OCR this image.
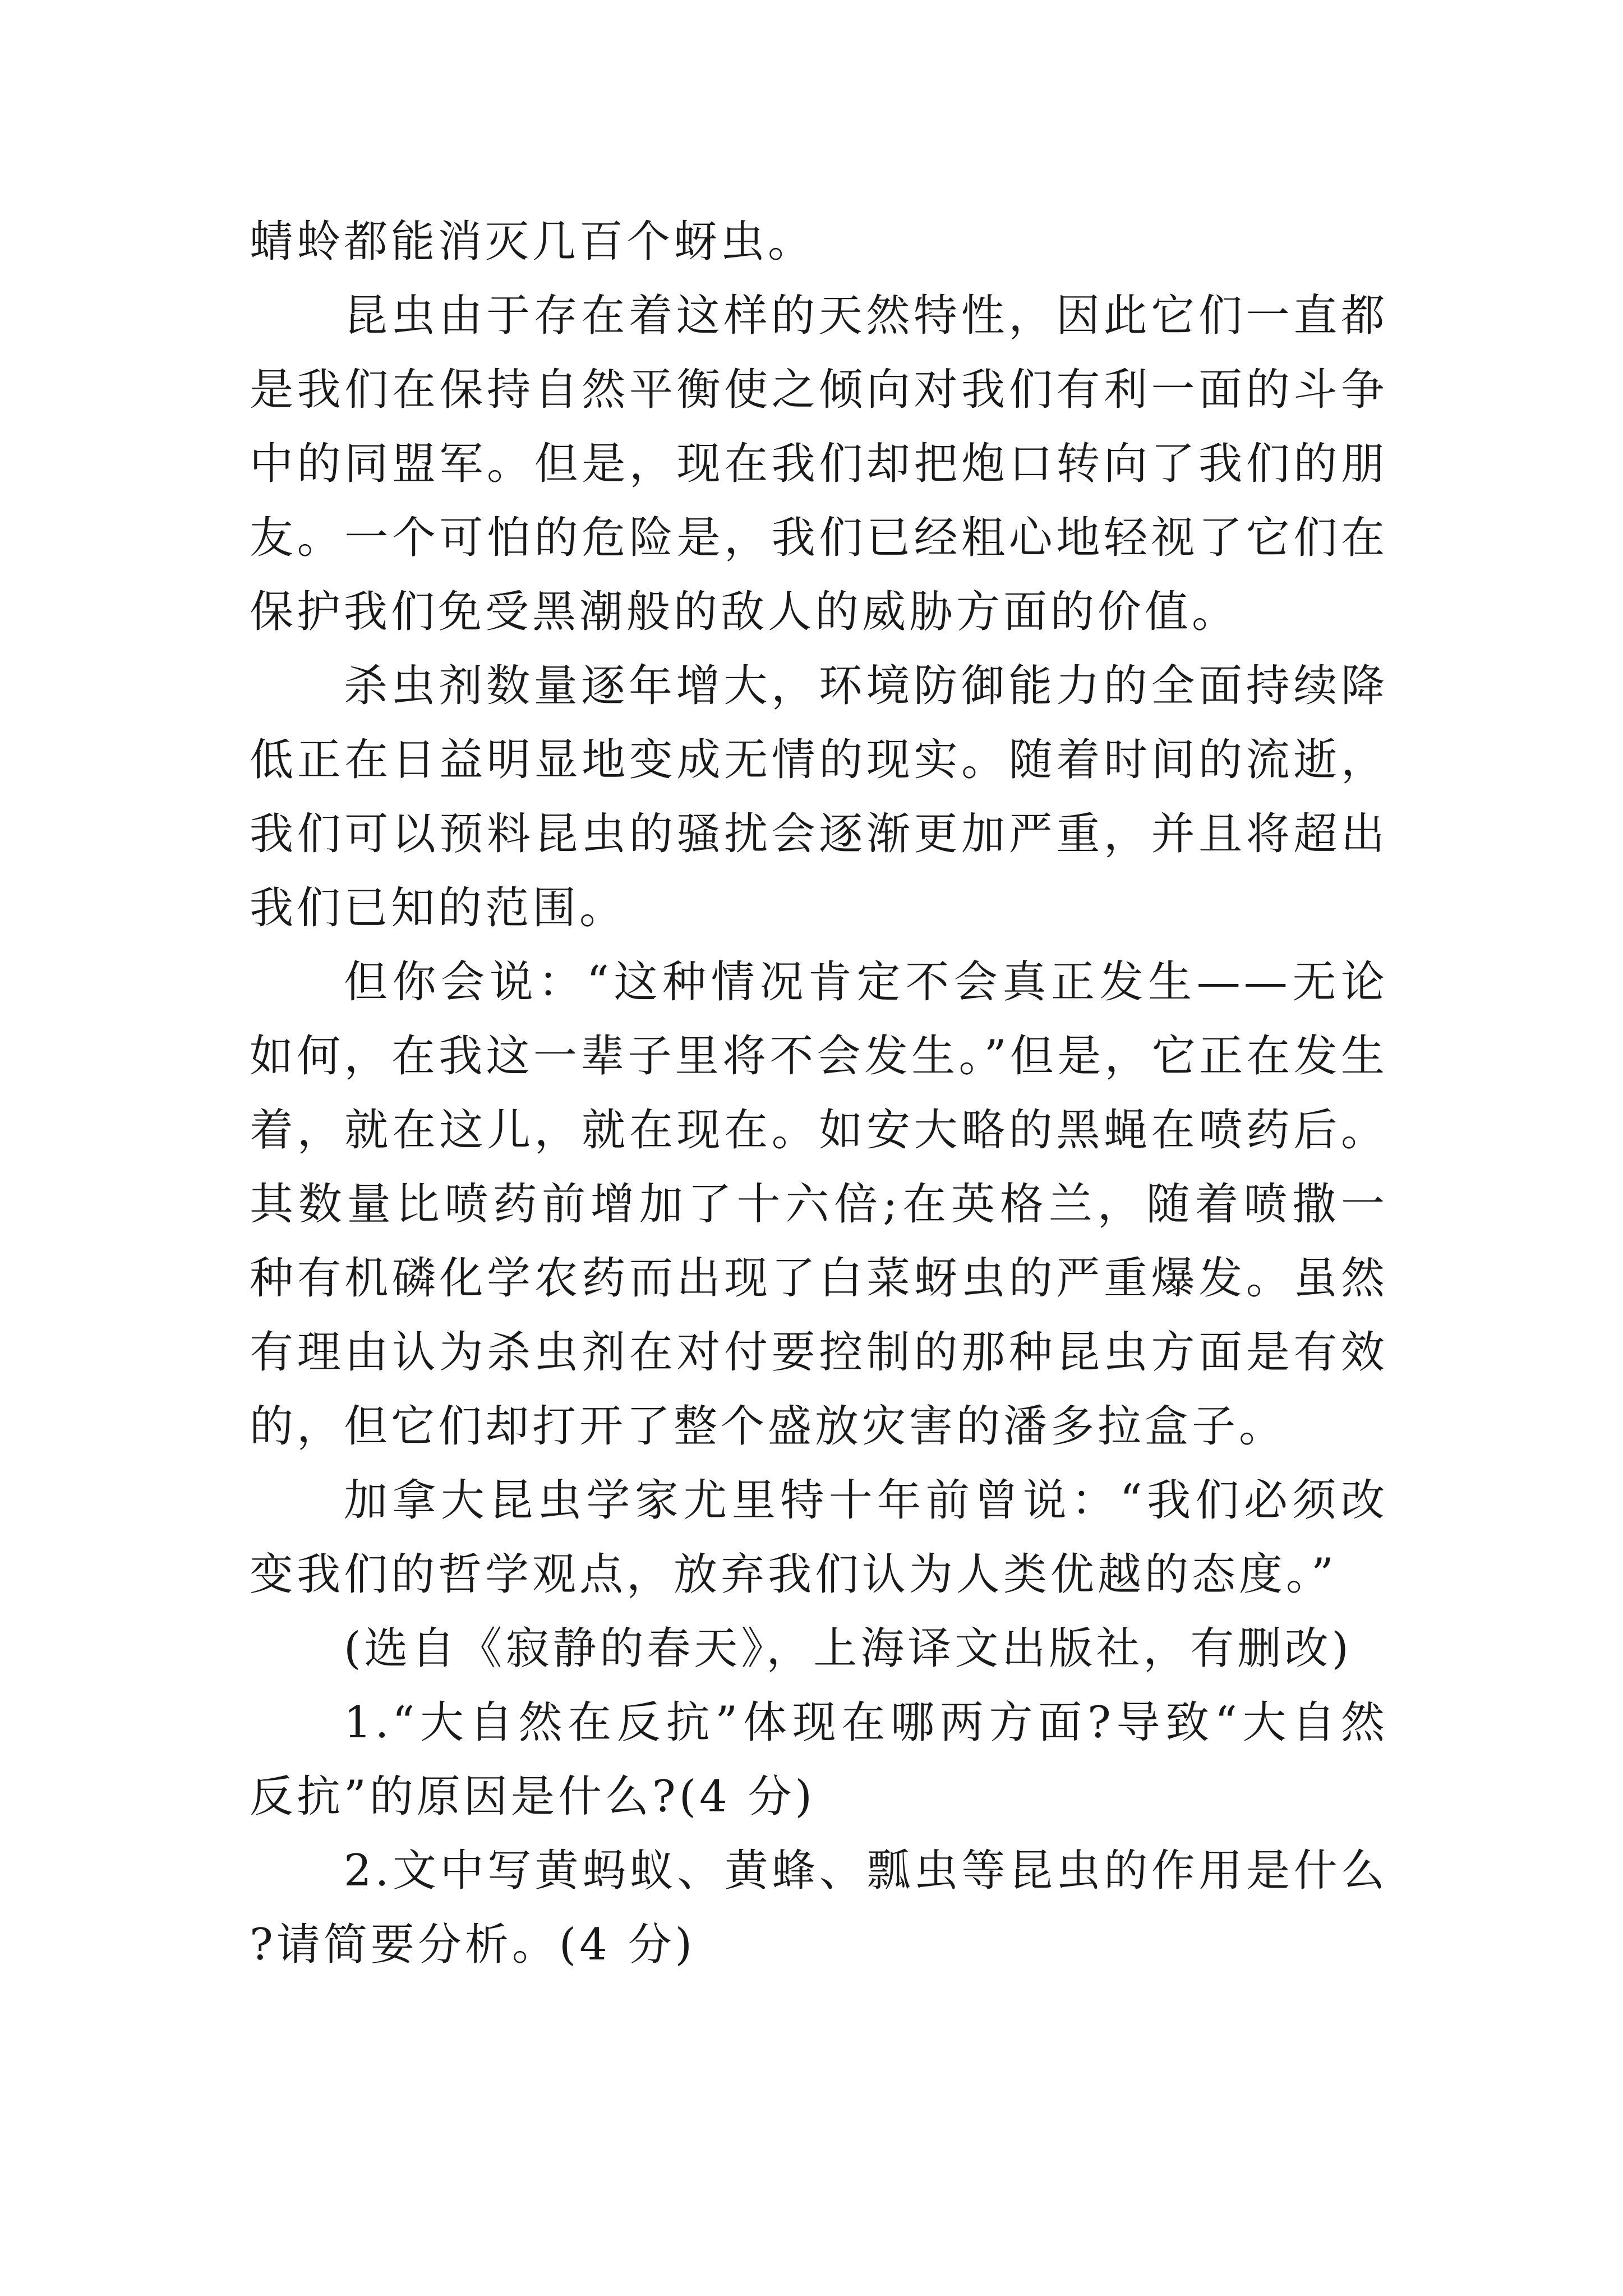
蜻蛉都能消灭几百个蚜虫。

昆虫由于存在着这样的天然特性，因此它们一直都是我们在保持自然平衡使之倾向对我们有利一面的斗争中的同盟军。但是，现在我们却把炮口转向了我们的朋友。一个可怕的危险是，我们已经粗心地轻视了它们在保护我们免受黑潮般的敌人的威胁方面的价值。

杀虫剂数量逐年增大，环境防御能力的全面持续降低正在日益明显地变成无情的现实。随着时间的流逝，我们可以预料昆虫的骚扰会逐渐更加严重，并且将超出我们已知的范围。

但你会说：“这种情况肯定不会真正发生——无论如何，在我这一辈子里将不会发生。”但是，它正在发生着，就在这儿，就在现在。如安大略的黑蝇在喷药后。其数量比喷药前增加了十六倍;在英格兰，随着喷撒一种有机磷化学农药而出现了白菜蚜虫的严重爆发。虽然有理由认为杀虫剂在对付要控制的那种昆虫方面是有效的，但它们却打开了整个盛放灾害的潘多拉盒子。

加拿大昆虫学家尤里特十年前曾说：“我们必须改变我们的哲学观点，放弃我们认为人类优越的态度。”

(选自《寂静的春天》，上海译文出版社，有删改)

1.“大自然在反抗”体现在哪两方面?导致“大自然反抗”的原因是什么?(4 分)

2.文中写黄蚂蚁、黄蜂、瓢虫等昆虫的作用是什么?请简要分析。(4 分)
